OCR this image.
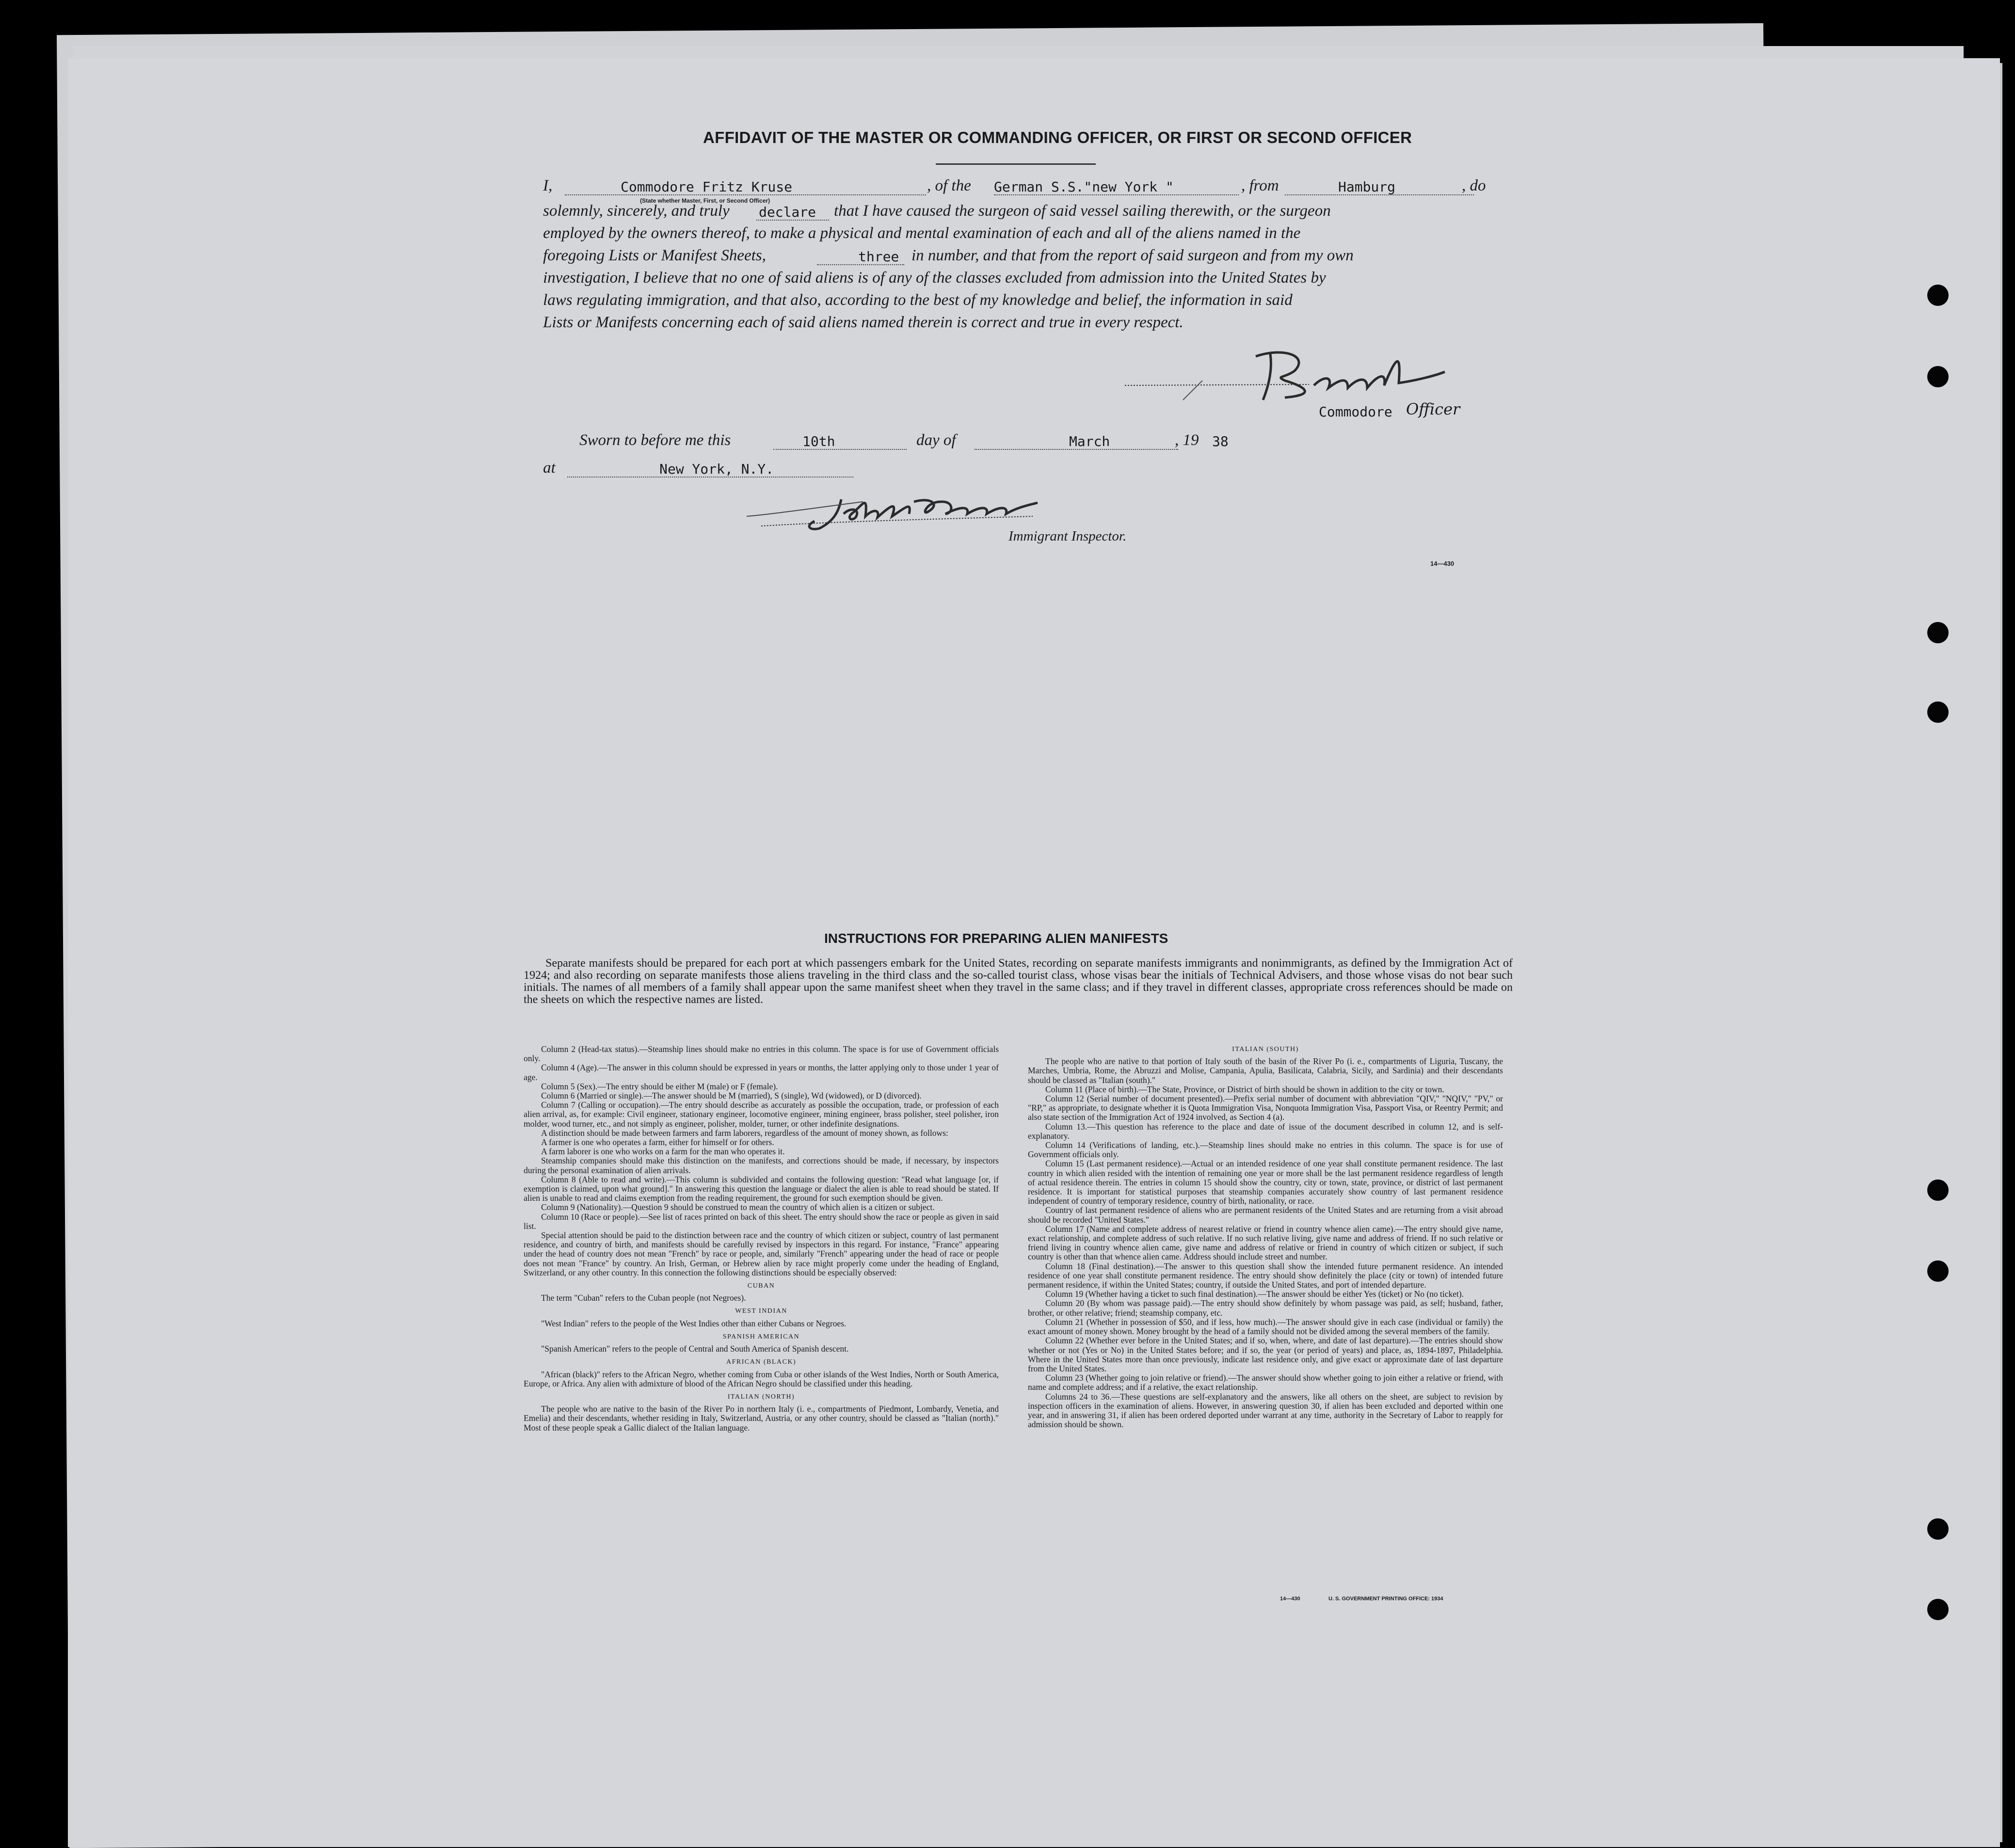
AFFIDAVIT OF THE MASTER OR COMMANDING OFFICER, OR FIRST OR SECOND OFFICER
I,	Commodore Fritz Kruse
(State whether Master, First, or Second Officer)
, of the German S.S."new York "	, from	Hamburg	, do
solemnly, sincerely, and truly declare that I have caused the surgeon of said vessel sailing therewith, or the surgeon
employed by the owners thereof, to make a physical and mental examination of each and all of the aliens named in the
foregoing Lists or Manifest Sheets,	three in number, and that from the report of said surgeon and from my own
investigation, I believe that no one of said aliens is of any of the classes excluded from admission into the United States by
laws regulating immigration, and that also, according to the best of my knowledge and belief, the information in said
Lists or Manifests concerning each of said aliens named therein is correct and true in every respect.
Commodore Officer
Sworn to before me this	10th	day of	March	, 19 38
at	New York, N.Y.
Immigrant Inspector.
14—430
INSTRUCTIONS FOR PREPARING ALIEN MANIFESTS
Separate manifests should be prepared for each port at which passengers embark for the United States, recording on separate manifests immigrants and nonimmigrants, as defined by the Immigration Act of 1924; and also recording on separate manifests those aliens traveling in the third class and the so-called tourist class, whose visas bear the initials of Technical Advisers, and those whose visas do not bear such initials. The names of all members of a family shall appear upon the same manifest sheet when they travel in the same class; and if they travel in different classes, appropriate cross references should be made on the sheets on which the respective names are listed.

Column 2 (Head-tax status).—Steamship lines should make no entries in this column. The space is for use of Government officials only.

Column 4 (Age).—The answer in this column should be expressed in years or months, the latter applying only to those under 1 year of age.

Column 5 (Sex).—The entry should be either M (male) or F (female).

Column 6 (Married or single).—The answer should be M (married), S (single), Wd (widowed), or D (divorced).

Column 7 (Calling or occupation).—The entry should describe as accurately as possible the occupation, trade, or profession of each alien arrival, as, for example: Civil engineer, stationary engineer, locomotive engineer, mining engineer, brass polisher, steel polisher, iron molder, wood turner, etc., and not simply as engineer, polisher, molder, turner, or other indefinite designations.

A distinction should be made between farmers and farm laborers, regardless of the amount of money shown, as follows:

A farmer is one who operates a farm, either for himself or for others.

A farm laborer is one who works on a farm for the man who operates it.

Steamship companies should make this distinction on the manifests, and corrections should be made, if necessary, by inspectors during the personal examination of alien arrivals.

Column 8 (Able to read and write).—This column is subdivided and contains the following question: "Read what language [or, if exemption is claimed, upon what ground]." In answering this question the language or dialect the alien is able to read should be stated. If alien is unable to read and claims exemption from the reading requirement, the ground for such exemption should be given.

Column 9 (Nationality).—Question 9 should be construed to mean the country of which alien is a citizen or subject.

Column 10 (Race or people).—See list of races printed on back of this sheet. The entry should show the race or people as given in said list.

Special attention should be paid to the distinction between race and the country of which citizen or subject, country of last permanent residence, and country of birth, and manifests should be carefully revised by inspectors in this regard. For instance, "France" appearing under the head of country does not mean "French" by race or people, and, similarly "French" appearing under the head of race or people does not mean "France" by country. An Irish, German, or Hebrew alien by race might properly come under the heading of England, Switzerland, or any other country. In this connection the following distinctions should be especially observed:

CUBAN

The term "Cuban" refers to the Cuban people (not Negroes).

WEST INDIAN

"West Indian" refers to the people of the West Indies other than either Cubans or Negroes.

SPANISH AMERICAN

"Spanish American" refers to the people of Central and South America of Spanish descent.

AFRICAN (BLACK)

"African (black)" refers to the African Negro, whether coming from Cuba or other islands of the West Indies, North or South America, Europe, or Africa. Any alien with admixture of blood of the African Negro should be classified under this heading.

ITALIAN (NORTH)

The people who are native to the basin of the River Po in northern Italy (i. e., compartments of Piedmont, Lombardy, Venetia, and Emelia) and their descendants, whether residing in Italy, Switzerland, Austria, or any other country, should be classed as "Italian (north)." Most of these people speak a Gallic dialect of the Italian language.

ITALIAN (SOUTH)

The people who are native to that portion of Italy south of the basin of the River Po (i. e., compartments of Liguria, Tuscany, the Marches, Umbria, Rome, the Abruzzi and Molise, Campania, Apulia, Basilicata, Calabria, Sicily, and Sardinia) and their descendants should be classed as "Italian (south)."

Column 11 (Place of birth).—The State, Province, or District of birth should be shown in addition to the city or town.

Column 12 (Serial number of document presented).—Prefix serial number of document with abbreviation "QIV," "NQIV," "PV," or "RP," as appropriate, to designate whether it is Quota Immigration Visa, Nonquota Immigration Visa, Passport Visa, or Reentry Permit; and also state section of the Immigration Act of 1924 involved, as Section 4 (a).

Column 13.—This question has reference to the place and date of issue of the document described in column 12, and is self-explanatory.

Column 14 (Verifications of landing, etc.).—Steamship lines should make no entries in this column. The space is for use of Government officials only.

Column 15 (Last permanent residence).—Actual or an intended residence of one year shall constitute permanent residence. The last country in which alien resided with the intention of remaining one year or more shall be the last permanent residence regardless of length of actual residence therein. The entries in column 15 should show the country, city or town, state, province, or district of last permanent residence. It is important for statistical purposes that steamship companies accurately show country of last permanent residence independent of country of temporary residence, country of birth, nationality, or race.

Country of last permanent residence of aliens who are permanent residents of the United States and are returning from a visit abroad should be recorded "United States."

Column 17 (Name and complete address of nearest relative or friend in country whence alien came).—The entry should give name, exact relationship, and complete address of such relative. If no such relative living, give name and address of friend. If no such relative or friend living in country whence alien came, give name and address of relative or friend in country of which citizen or subject, if such country is other than that whence alien came. Address should include street and number.

Column 18 (Final destination).—The answer to this question shall show the intended future permanent residence. An intended residence of one year shall constitute permanent residence. The entry should show definitely the place (city or town) of intended future permanent residence, if within the United States; country, if outside the United States, and port of intended departure.

Column 19 (Whether having a ticket to such final destination).—The answer should be either Yes (ticket) or No (no ticket).

Column 20 (By whom was passage paid).—The entry should show definitely by whom passage was paid, as self; husband, father, brother, or other relative; friend; steamship company, etc.

Column 21 (Whether in possession of $50, and if less, how much).—The answer should give in each case (individual or family) the exact amount of money shown. Money brought by the head of a family should not be divided among the several members of the family.

Column 22 (Whether ever before in the United States; and if so, when, where, and date of last departure).—The entries should show whether or not (Yes or No) in the United States before; and if so, the year (or period of years) and place, as, 1894-1897, Philadelphia. Where in the United States more than once previously, indicate last residence only, and give exact or approximate date of last departure from the United States.

Column 23 (Whether going to join relative or friend).—The answer should show whether going to join either a relative or friend, with name and complete address; and if a relative, the exact relationship.

Columns 24 to 36.—These questions are self-explanatory and the answers, like all others on the sheet, are subject to revision by inspection officers in the examination of aliens. However, in answering question 30, if alien has been excluded and deported within one year, and in answering 31, if alien has been ordered deported under warrant at any time, authority in the Secretary of Labor to reapply for admission should be shown.

14—430	U. S. GOVERNMENT PRINTING OFFICE: 1934
